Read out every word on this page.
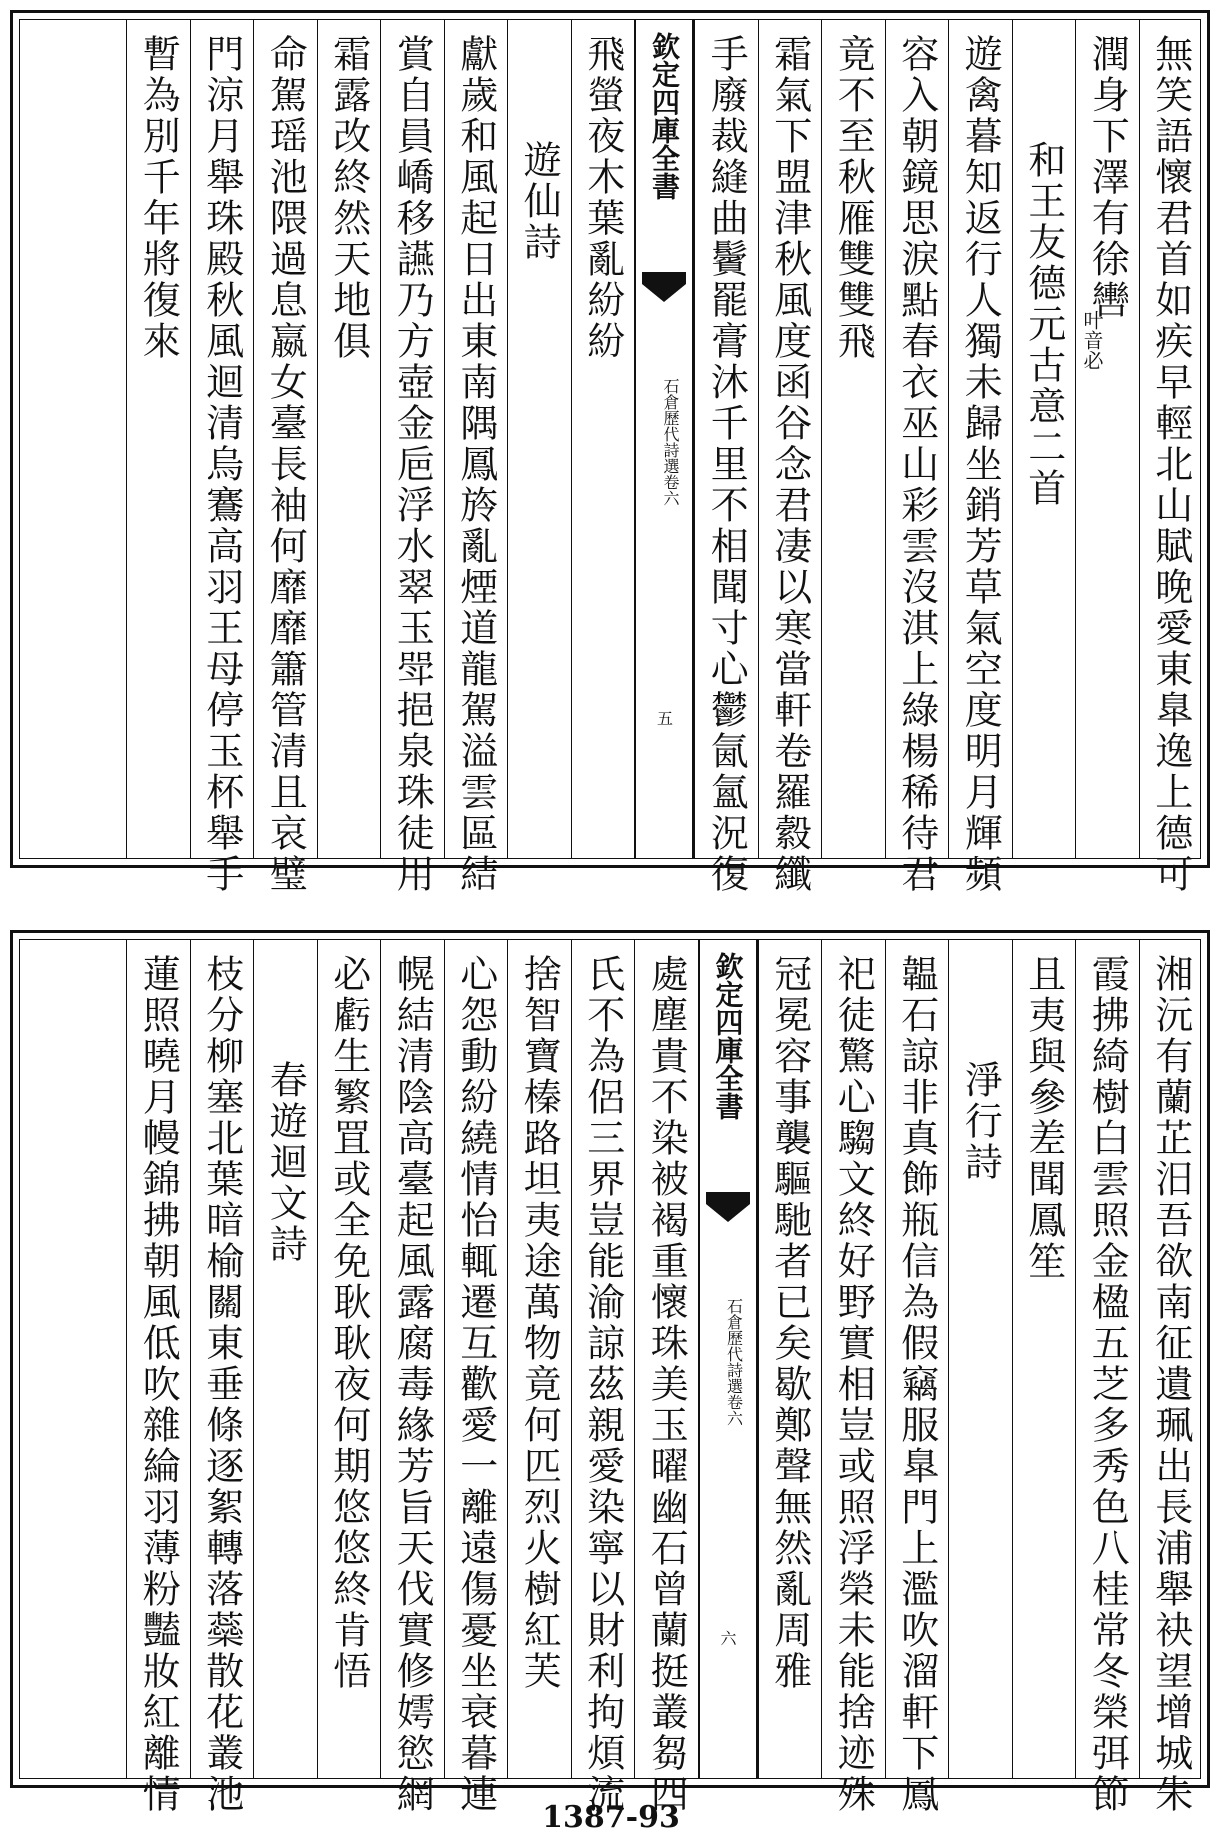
無笑語懷君首如疾早輕北山賦晚愛東臯逸上德可
潤身下澤有徐轡
叶音必
和王友德元古意二首
遊禽暮知返行人獨未歸坐銷芳草氣空度明月輝頻
容入朝鏡思淚點春衣巫山彩雲沒淇上綠楊稀待君
竟不至秋雁雙雙飛
霜氣下盟津秋風度函谷念君凄以寒當軒卷羅縠纖
手廢裁縫曲鬢罷膏沐千里不相聞寸心鬱氤氳況復
欽定四庫全書
石倉歷代詩選卷六
五
飛螢夜木葉亂紛紛
遊仙詩
獻歲和風起日出東南隅鳳旍亂煙道龍駕溢雲區結
賞自員嶠移讌乃方壺金巵浮水翠玉斝挹泉珠徒用
霜露改終然天地俱
命駕瑶池隈過息嬴女臺長袖何靡靡簫管清且哀璧
門涼月舉珠殿秋風迴清烏鶱高羽王母停玉杯舉手
暫為別千年將復來
湘沅有蘭芷汨吾欲南征遺珮出長浦舉袂望增城朱
霞拂綺樹白雲照金楹五芝多秀色八桂常冬榮弭節
且夷與參差聞鳳笙
淨行詩
韞石諒非真飾瓶信為假竊服臯門上濫吹溜軒下鳳
祀徒驚心騶文終好野實相豈或照浮榮未能捨迹殊
冠冕容事襲驅馳者已矣歇鄭聲無然亂周雅
欽定四庫全書
石倉歷代詩選卷六
六
處塵貴不染被褐重懷珠美玉曜幽石曾蘭挺叢芻四
氏不為侶三界豈能渝諒茲親愛染寧以財利拘煩流
捨智寶榛路坦夷途萬物竟何匹烈火樹紅芙
心怨動紛繞情怡輒遷互歡愛一離遠傷憂坐衰暮連
幌結清陰高臺起風露腐毒緣芳旨天伐實修嫮慾網
必虧生繁罝或全免耿耿夜何期悠悠終肯悟
春遊迴文詩
枝分柳塞北葉暗榆關東垂條逐絮轉落蘂散花叢池
蓮照曉月幔錦拂朝風低吹雜綸羽薄粉豔妝紅離情
1387-93
